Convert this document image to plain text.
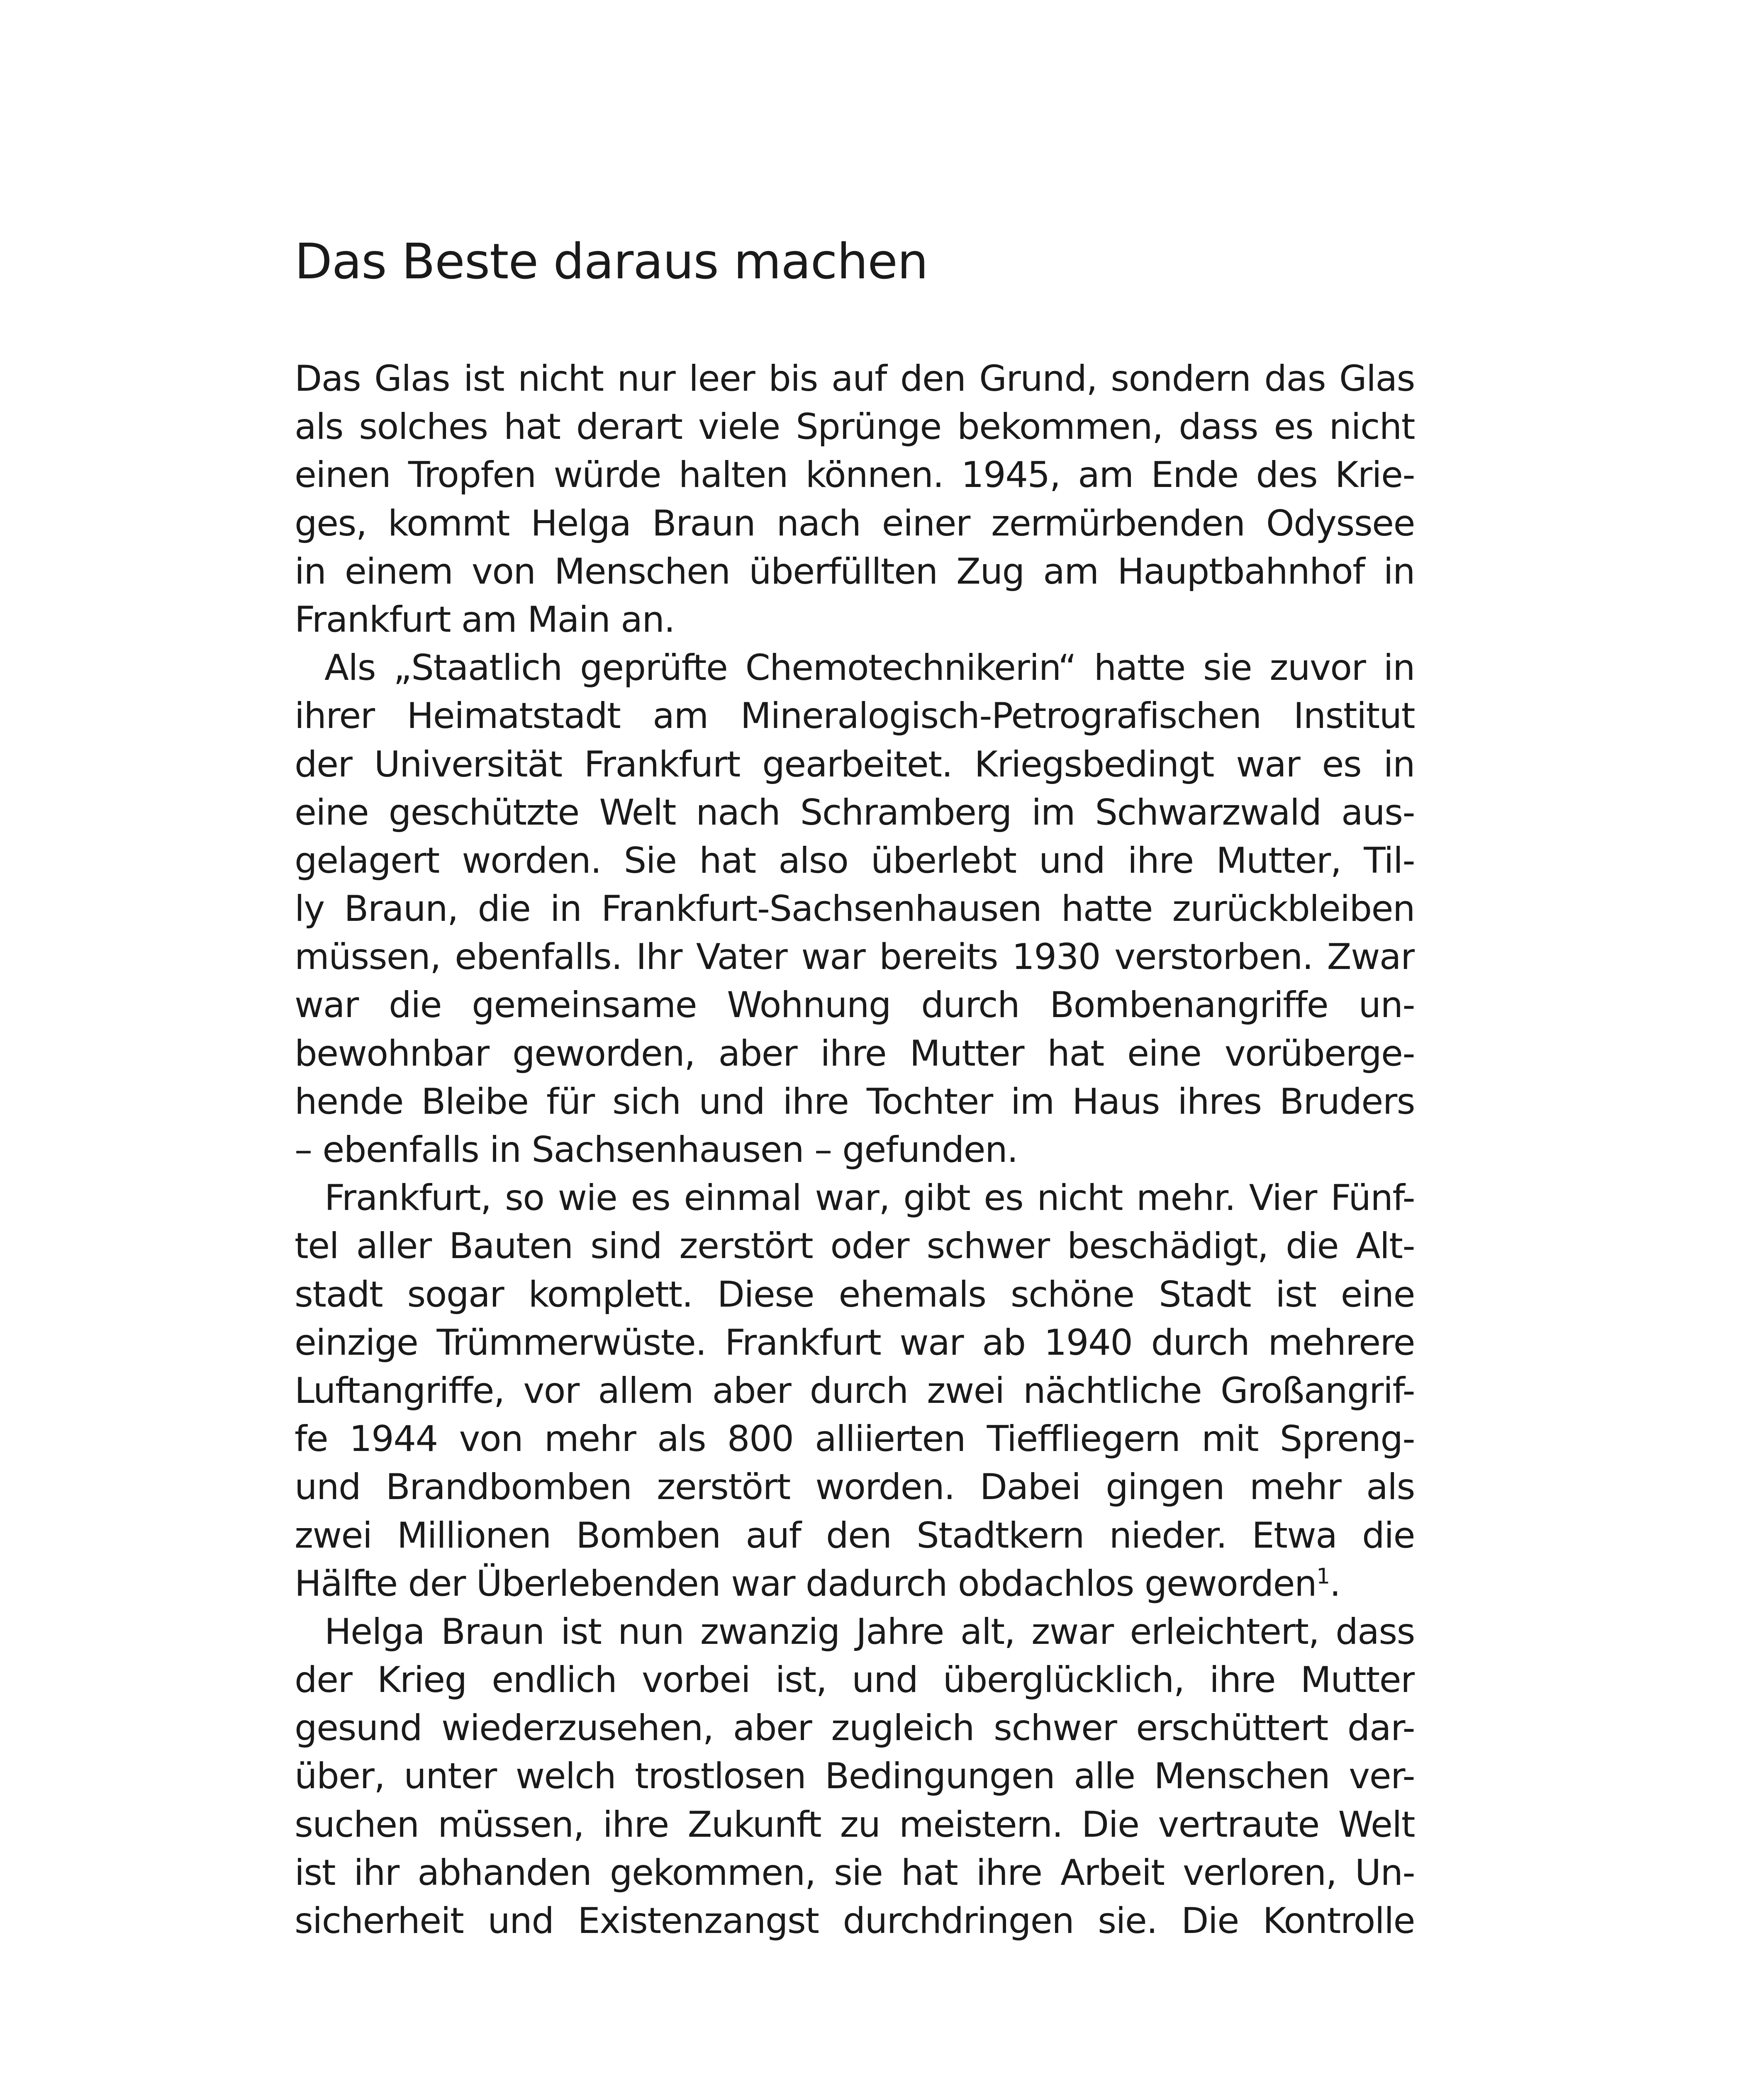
Das Beste daraus machen
Das Glas ist nicht nur leer bis auf den Grund, sondern das Glas
als solches hat derart viele Sprünge bekommen, dass es nicht
einen Tropfen würde halten können. 1945, am Ende des Krie-
ges, kommt Helga Braun nach einer zermürbenden Odyssee
in einem von Menschen überfüllten Zug am Hauptbahnhof in
Frankfurt am Main an.
Als „Staatlich geprüfte Chemotechnikerin“ hatte sie zuvor in
ihrer Heimatstadt am Mineralogisch-Petrografischen Institut
der Universität Frankfurt gearbeitet. Kriegsbedingt war es in
eine geschützte Welt nach Schramberg im Schwarzwald aus-
gelagert worden. Sie hat also überlebt und ihre Mutter, Til-
ly Braun, die in Frankfurt-Sachsenhausen hatte zurückbleiben
müssen, ebenfalls. Ihr Vater war bereits 1930 verstorben. Zwar
war die gemeinsame Wohnung durch Bombenangriffe un-
bewohnbar geworden, aber ihre Mutter hat eine vorüberge-
hende Bleibe für sich und ihre Tochter im Haus ihres Bruders
– ebenfalls in Sachsenhausen – gefunden.
Frankfurt, so wie es einmal war, gibt es nicht mehr. Vier Fünf-
tel aller Bauten sind zerstört oder schwer beschädigt, die Alt-
stadt sogar komplett. Diese ehemals schöne Stadt ist eine
einzige Trümmerwüste. Frankfurt war ab 1940 durch mehrere
Luftangriffe, vor allem aber durch zwei nächtliche Großangrif-
fe 1944 von mehr als 800 alliierten Tieffliegern mit Spreng-
und Brandbomben zerstört worden. Dabei gingen mehr als
zwei Millionen Bomben auf den Stadtkern nieder. Etwa die
Hälfte der Überlebenden war dadurch obdachlos geworden$^1$.
Helga Braun ist nun zwanzig Jahre alt, zwar erleichtert, dass
der Krieg endlich vorbei ist, und überglücklich, ihre Mutter
gesund wiederzusehen, aber zugleich schwer erschüttert dar-
über, unter welch trostlosen Bedingungen alle Menschen ver-
suchen müssen, ihre Zukunft zu meistern. Die vertraute Welt
ist ihr abhanden gekommen, sie hat ihre Arbeit verloren, Un-
sicherheit und Existenzangst durchdringen sie. Die Kontrolle
